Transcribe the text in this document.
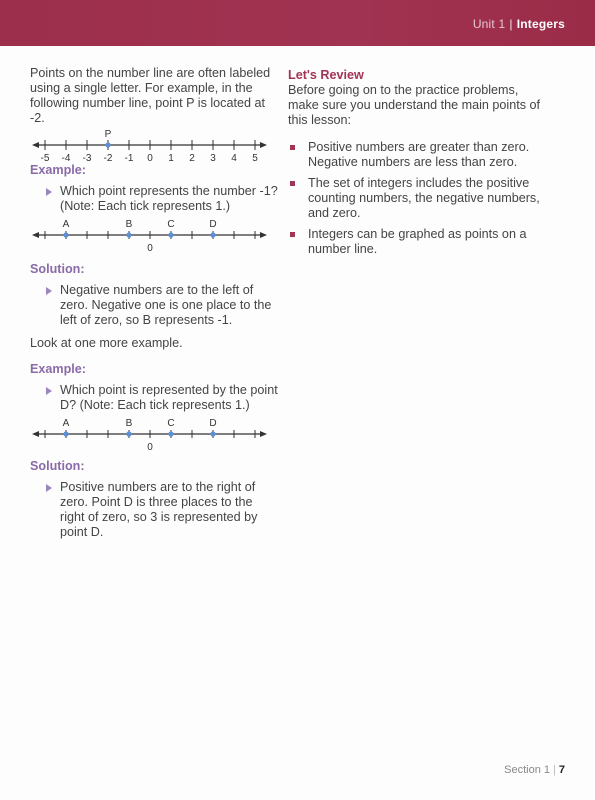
Unit 1 | Integers

Points on the number line are often labeled using a single letter. For example, in the following number line, point P is located at -2.

P
-5 -4 -3 -2 -1 0 1 2 3 4 5

Example:

Which point represents the number -1? (Note: Each tick represents 1.)
A	B	C	D
0

Solution:

Negative numbers are to the left of zero. Negative one is one place to the left of zero, so B represents -1.

Look at one more example.

Example:

Which point is represented by the point D? (Note: Each tick represents 1.)
A	B	C	D
0

Solution:

Positive numbers are to the right of zero. Point D is three places to the right of zero, so 3 is represented by point D.

Let's Review

Before going on to the practice problems, make sure you understand the main points of this lesson:

Positive numbers are greater than zero. Negative numbers are less than zero.
The set of integers includes the positive counting numbers, the negative numbers, and zero.
Integers can be graphed as points on a number line.
Section 1 | 7
